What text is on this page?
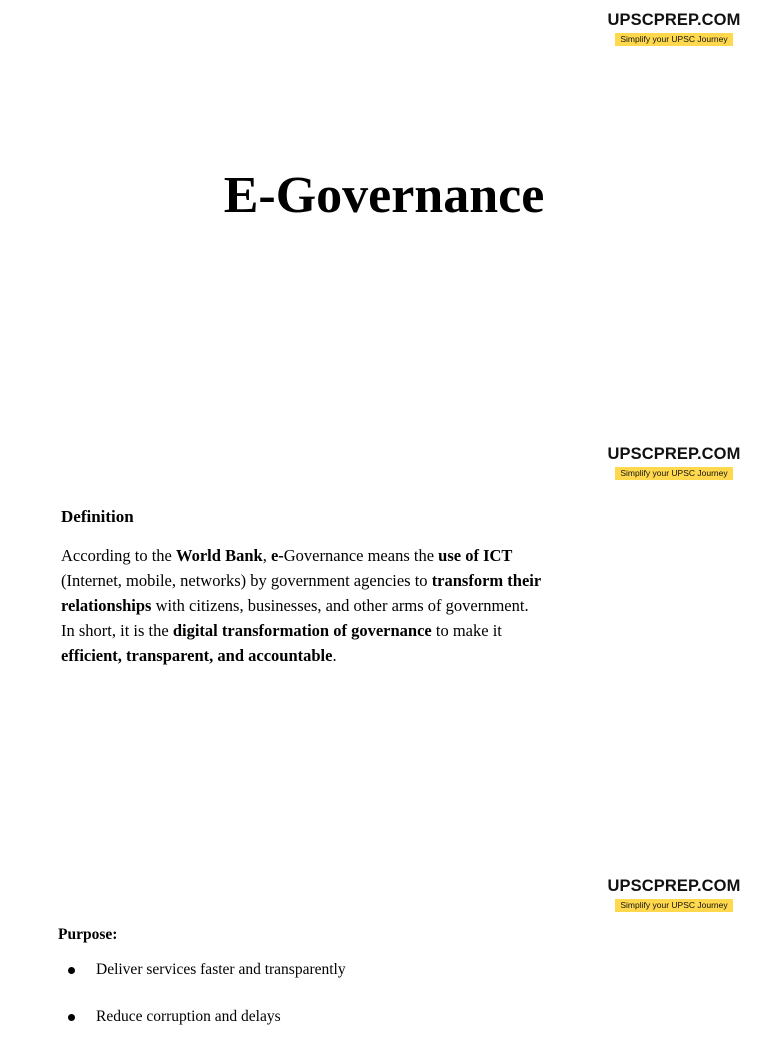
UPSCPREP.COM
Simplify your UPSC Journey
E-Governance
UPSCPREP.COM
Simplify your UPSC Journey
Definition

According to the World Bank, e-Governance means the use of ICT (Internet, mobile, networks) by government agencies to transform their relationships with citizens, businesses, and other arms of government.
In short, it is the digital transformation of governance to make it efficient, transparent, and accountable.

UPSCPREP.COM
Simplify your UPSC Journey
Purpose:
Deliver services faster and transparently
Reduce corruption and delays
